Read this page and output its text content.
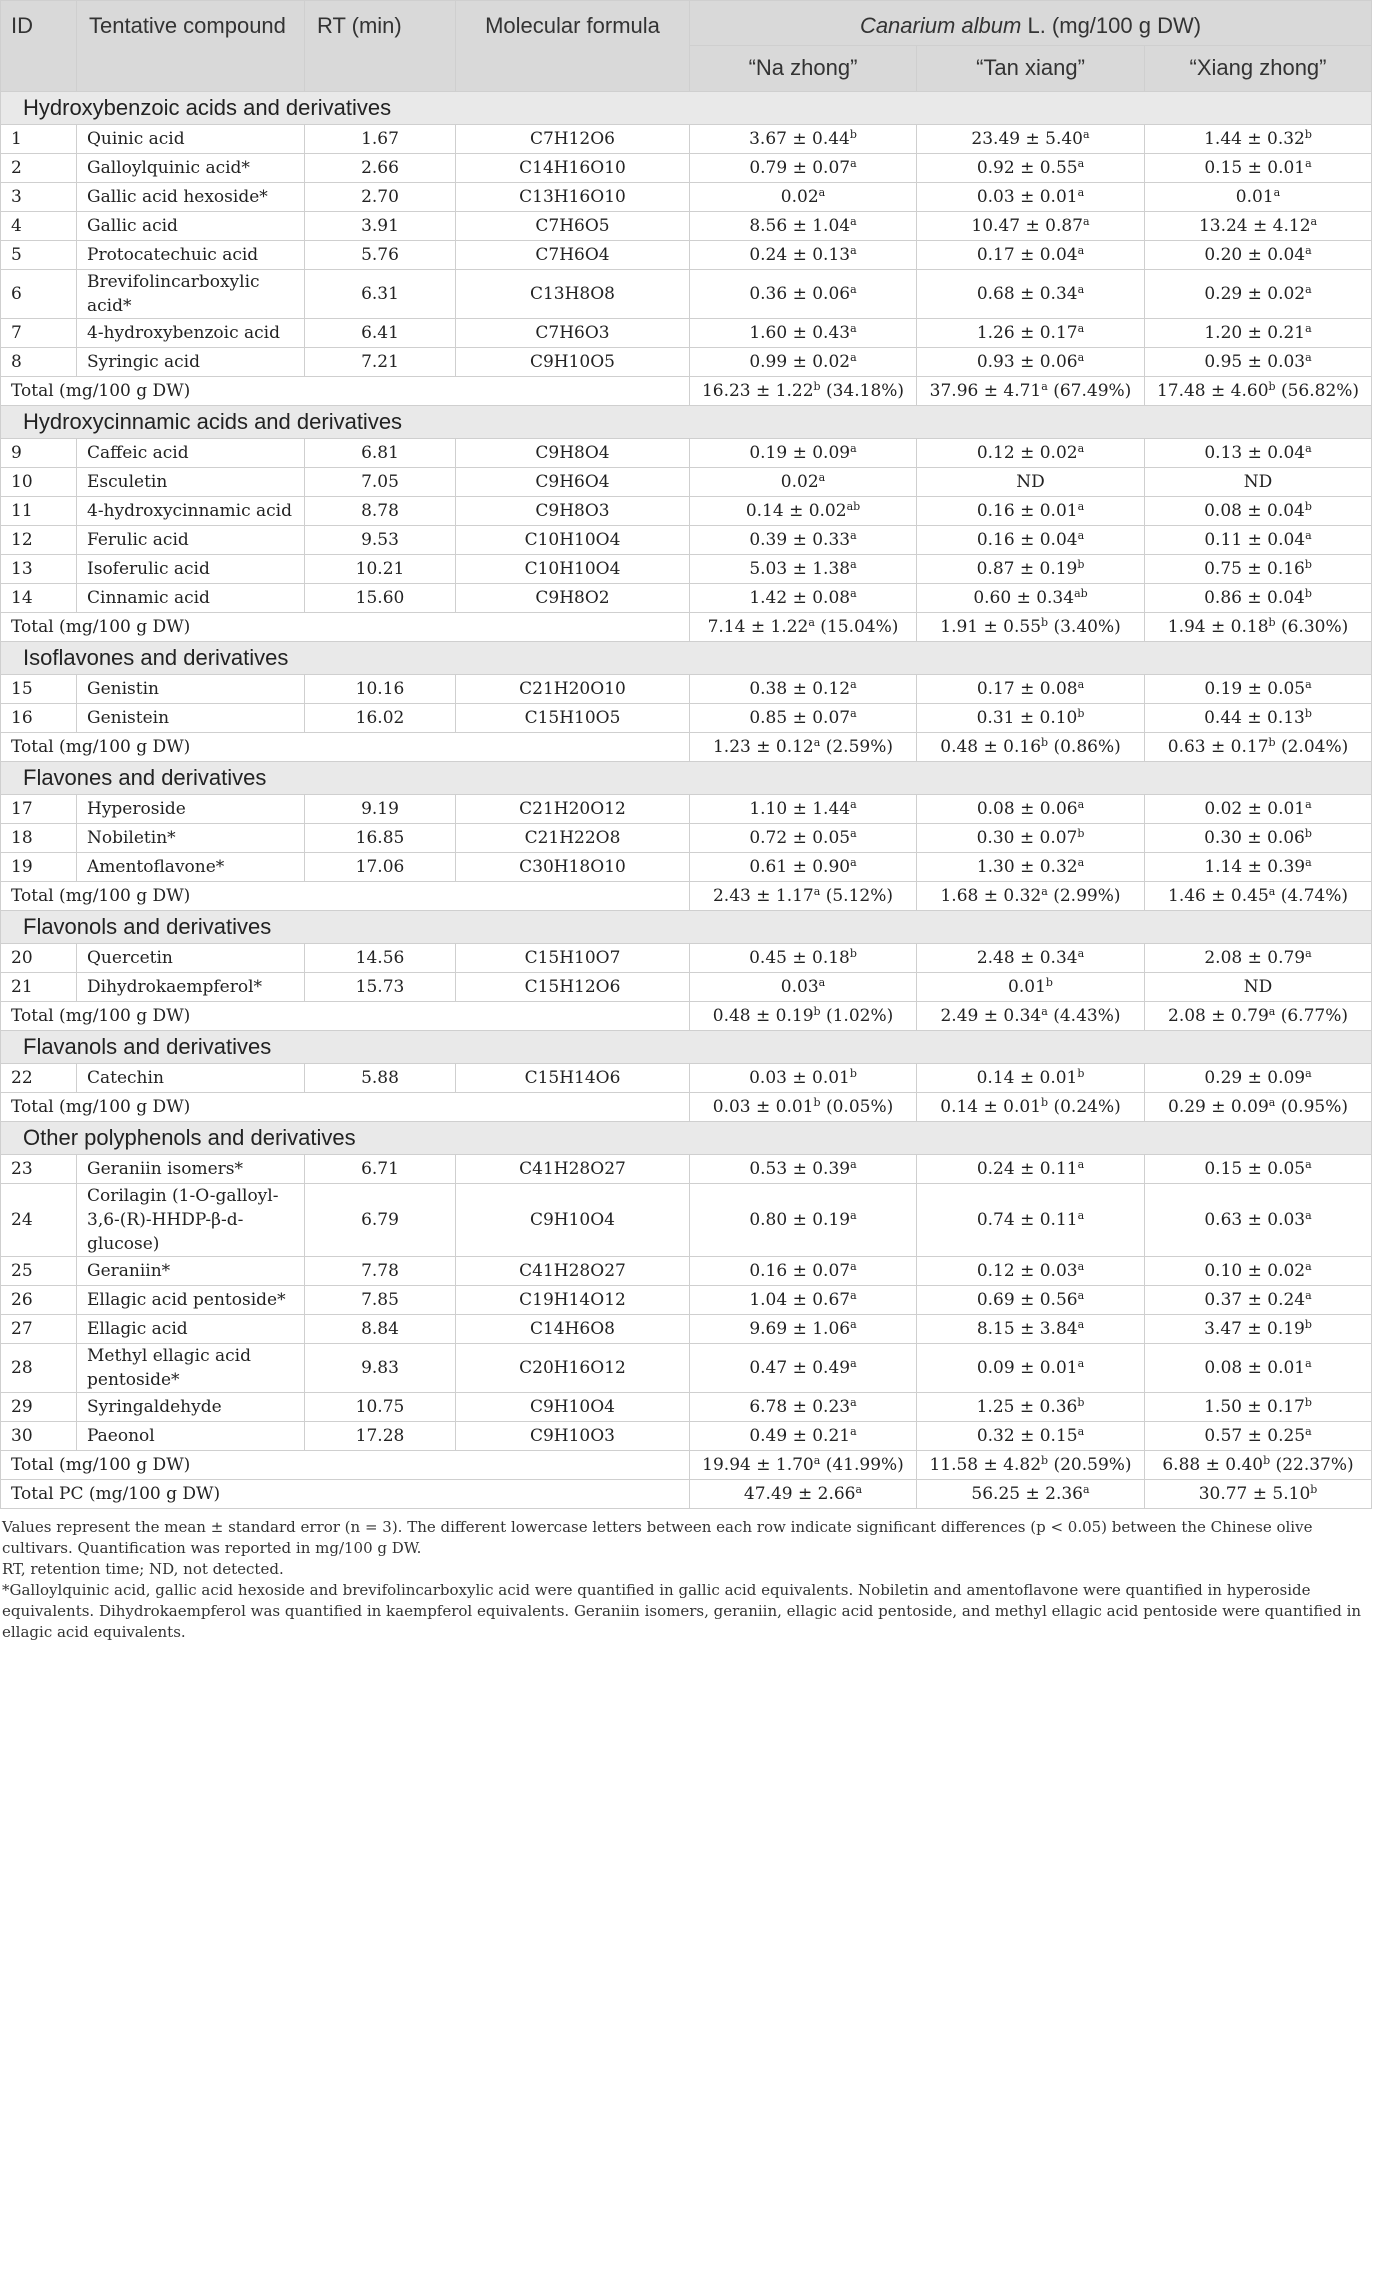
ID	Tentative compound	RT (min)	Molecular formula	Canarium album L. (mg/100 g DW)		
				“Na zhong”	“Tan xiang”	“Xiang zhong”
Hydroxybenzoic acids and derivatives						
1	Quinic acid	1.67	C7H12O6	3.67 ± 0.44$^b$	23.49 ± 5.40$^a$	1.44 ± 0.32$^b$
2	Galloylquinic acid*	2.66	C14H16O10	0.79 ± 0.07$^a$	0.92 ± 0.55$^a$	0.15 ± 0.01$^a$
3	Gallic acid hexoside*	2.70	C13H16O10	0.02$^a$	0.03 ± 0.01$^a$	0.01$^a$
4	Gallic acid	3.91	C7H6O5	8.56 ± 1.04$^a$	10.47 ± 0.87$^a$	13.24 ± 4.12$^a$
5	Protocatechuic acid	5.76	C7H6O4	0.24 ± 0.13$^a$	0.17 ± 0.04$^a$	0.20 ± 0.04$^a$
6	Brevifolincarboxylic acid*	6.31	C13H8O8	0.36 ± 0.06$^a$	0.68 ± 0.34$^a$	0.29 ± 0.02$^a$
7	4-hydroxybenzoic acid	6.41	C7H6O3	1.60 ± 0.43$^a$	1.26 ± 0.17$^a$	1.20 ± 0.21$^a$
8	Syringic acid	7.21	C9H10O5	0.99 ± 0.02$^a$	0.93 ± 0.06$^a$	0.95 ± 0.03$^a$
Total (mg/100 g DW)				16.23 ± 1.22$^b$ (34.18%)	37.96 ± 4.71$^a$ (67.49%)	17.48 ± 4.60$^b$ (56.82%)
Hydroxycinnamic acids and derivatives						
9	Caffeic acid	6.81	C9H8O4	0.19 ± 0.09$^a$	0.12 ± 0.02$^a$	0.13 ± 0.04$^a$
10	Esculetin	7.05	C9H6O4	0.02$^a$	ND	ND
11	4-hydroxycinnamic acid	8.78	C9H8O3	0.14 ± 0.02$^{ab}$	0.16 ± 0.01$^a$	0.08 ± 0.04$^b$
12	Ferulic acid	9.53	C10H10O4	0.39 ± 0.33$^a$	0.16 ± 0.04$^a$	0.11 ± 0.04$^a$
13	Isoferulic acid	10.21	C10H10O4	5.03 ± 1.38$^a$	0.87 ± 0.19$^b$	0.75 ± 0.16$^b$
14	Cinnamic acid	15.60	C9H8O2	1.42 ± 0.08$^a$	0.60 ± 0.34$^{ab}$	0.86 ± 0.04$^b$
Total (mg/100 g DW)				7.14 ± 1.22$^a$ (15.04%)	1.91 ± 0.55$^b$ (3.40%)	1.94 ± 0.18$^b$ (6.30%)
Isoflavones and derivatives						
15	Genistin	10.16	C21H20O10	0.38 ± 0.12$^a$	0.17 ± 0.08$^a$	0.19 ± 0.05$^a$
16	Genistein	16.02	C15H10O5	0.85 ± 0.07$^a$	0.31 ± 0.10$^b$	0.44 ± 0.13$^b$
Total (mg/100 g DW)				1.23 ± 0.12$^a$ (2.59%)	0.48 ± 0.16$^b$ (0.86%)	0.63 ± 0.17$^b$ (2.04%)
Flavones and derivatives						
17	Hyperoside	9.19	C21H20O12	1.10 ± 1.44$^a$	0.08 ± 0.06$^a$	0.02 ± 0.01$^a$
18	Nobiletin*	16.85	C21H22O8	0.72 ± 0.05$^a$	0.30 ± 0.07$^b$	0.30 ± 0.06$^b$
19	Amentoflavone*	17.06	C30H18O10	0.61 ± 0.90$^a$	1.30 ± 0.32$^a$	1.14 ± 0.39$^a$
Total (mg/100 g DW)				2.43 ± 1.17$^a$ (5.12%)	1.68 ± 0.32$^a$ (2.99%)	1.46 ± 0.45$^a$ (4.74%)
Flavonols and derivatives						
20	Quercetin	14.56	C15H10O7	0.45 ± 0.18$^b$	2.48 ± 0.34$^a$	2.08 ± 0.79$^a$
21	Dihydrokaempferol*	15.73	C15H12O6	0.03$^a$	0.01$^b$	ND
Total (mg/100 g DW)				0.48 ± 0.19$^b$ (1.02%)	2.49 ± 0.34$^a$ (4.43%)	2.08 ± 0.79$^a$ (6.77%)
Flavanols and derivatives						
22	Catechin	5.88	C15H14O6	0.03 ± 0.01$^b$	0.14 ± 0.01$^b$	0.29 ± 0.09$^a$
Total (mg/100 g DW)				0.03 ± 0.01$^b$ (0.05%)	0.14 ± 0.01$^b$ (0.24%)	0.29 ± 0.09$^a$ (0.95%)
Other polyphenols and derivatives						
23	Geraniin isomers*	6.71	C41H28O27	0.53 ± 0.39$^a$	0.24 ± 0.11$^a$	0.15 ± 0.05$^a$
24	Corilagin (1-O-galloyl-3,6-(R)-HHDP-β-d-glucose)	6.79	C9H10O4	0.80 ± 0.19$^a$	0.74 ± 0.11$^a$	0.63 ± 0.03$^a$
25	Geraniin*	7.78	C41H28O27	0.16 ± 0.07$^a$	0.12 ± 0.03$^a$	0.10 ± 0.02$^a$
26	Ellagic acid pentoside*	7.85	C19H14O12	1.04 ± 0.67$^a$	0.69 ± 0.56$^a$	0.37 ± 0.24$^a$
27	Ellagic acid	8.84	C14H6O8	9.69 ± 1.06$^a$	8.15 ± 3.84$^a$	3.47 ± 0.19$^b$
28	Methyl ellagic acid pentoside*	9.83	C20H16O12	0.47 ± 0.49$^a$	0.09 ± 0.01$^a$	0.08 ± 0.01$^a$
29	Syringaldehyde	10.75	C9H10O4	6.78 ± 0.23$^a$	1.25 ± 0.36$^b$	1.50 ± 0.17$^b$
30	Paeonol	17.28	C9H10O3	0.49 ± 0.21$^a$	0.32 ± 0.15$^a$	0.57 ± 0.25$^a$
Total (mg/100 g DW)				19.94 ± 1.70$^a$ (41.99%)	11.58 ± 4.82$^b$ (20.59%)	6.88 ± 0.40$^b$ (22.37%)
Total PC (mg/100 g DW)				47.49 ± 2.66$^a$	56.25 ± 2.36$^a$	30.77 ± 5.10$^b$

Values represent the mean ± standard error (n = 3). The different lowercase letters between each row indicate significant differences (p < 0.05) between the Chinese olive cultivars. Quantification was reported in mg/100 g DW.

RT, retention time; ND, not detected.

*Galloylquinic acid, gallic acid hexoside and brevifolincarboxylic acid were quantified in gallic acid equivalents. Nobiletin and amentoflavone were quantified in hyperoside equivalents. Dihydrokaempferol was quantified in kaempferol equivalents. Geraniin isomers, geraniin, ellagic acid pentoside, and methyl ellagic acid pentoside were quantified in ellagic acid equivalents.
